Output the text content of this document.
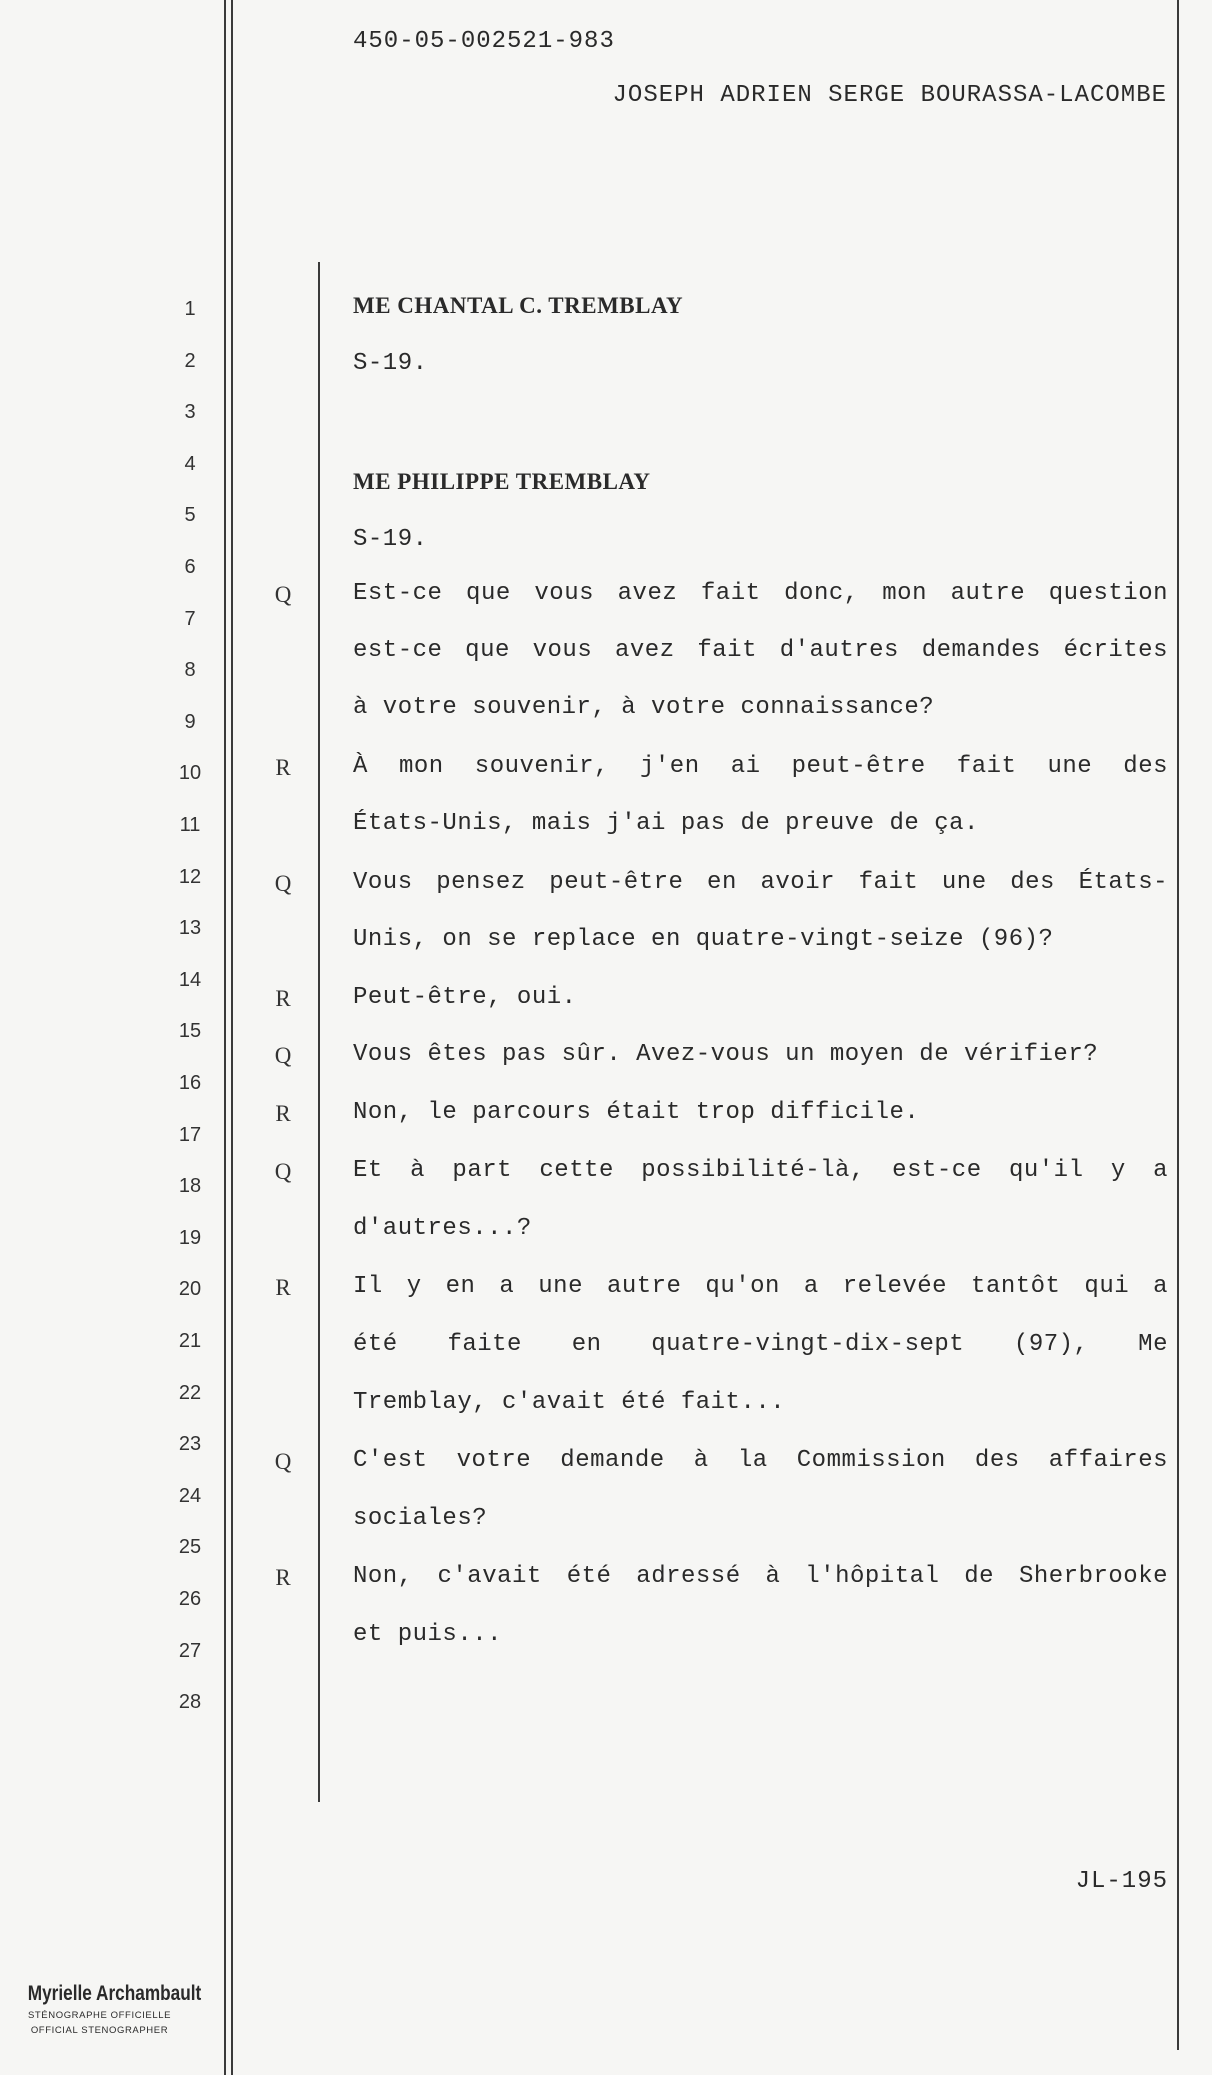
450-05-002521-983
JOSEPH ADRIEN SERGE BOURASSA-LACOMBE
1
2
3
4
5
6
7
8
9
10
11
12
13
14
15
16
17
18
19
20
21
22
23
24
25
26
27
28
ME CHANTAL C. TREMBLAY
S-19.
ME PHILIPPE TREMBLAY
S-19.
Q	Est-ce que vous avez fait donc, mon autre question
est-ce que vous avez fait d'autres demandes écrites
à votre souvenir, à votre connaissance?
R	À mon souvenir, j'en ai peut-être fait une des
États-Unis, mais j'ai pas de preuve de ça.
Q	Vous pensez peut-être en avoir fait une des États-
Unis, on se replace en quatre-vingt-seize (96)?
R	Peut-être, oui.
Q	Vous êtes pas sûr. Avez-vous un moyen de vérifier?
R	Non, le parcours était trop difficile.
Q	Et à part cette possibilité-là, est-ce qu'il y a
d'autres...?
R	Il y en a une autre qu'on a relevée tantôt qui a
été faite en quatre-vingt-dix-sept (97), Me
Tremblay, c'avait été fait...
Q	C'est votre demande à la Commission des affaires
sociales?
R	Non, c'avait été adressé à l'hôpital de Sherbrooke
et puis...
JL-195
Myrielle Archambault
STÉNOGRAPHE OFFICIELLE
OFFICIAL STENOGRAPHER
